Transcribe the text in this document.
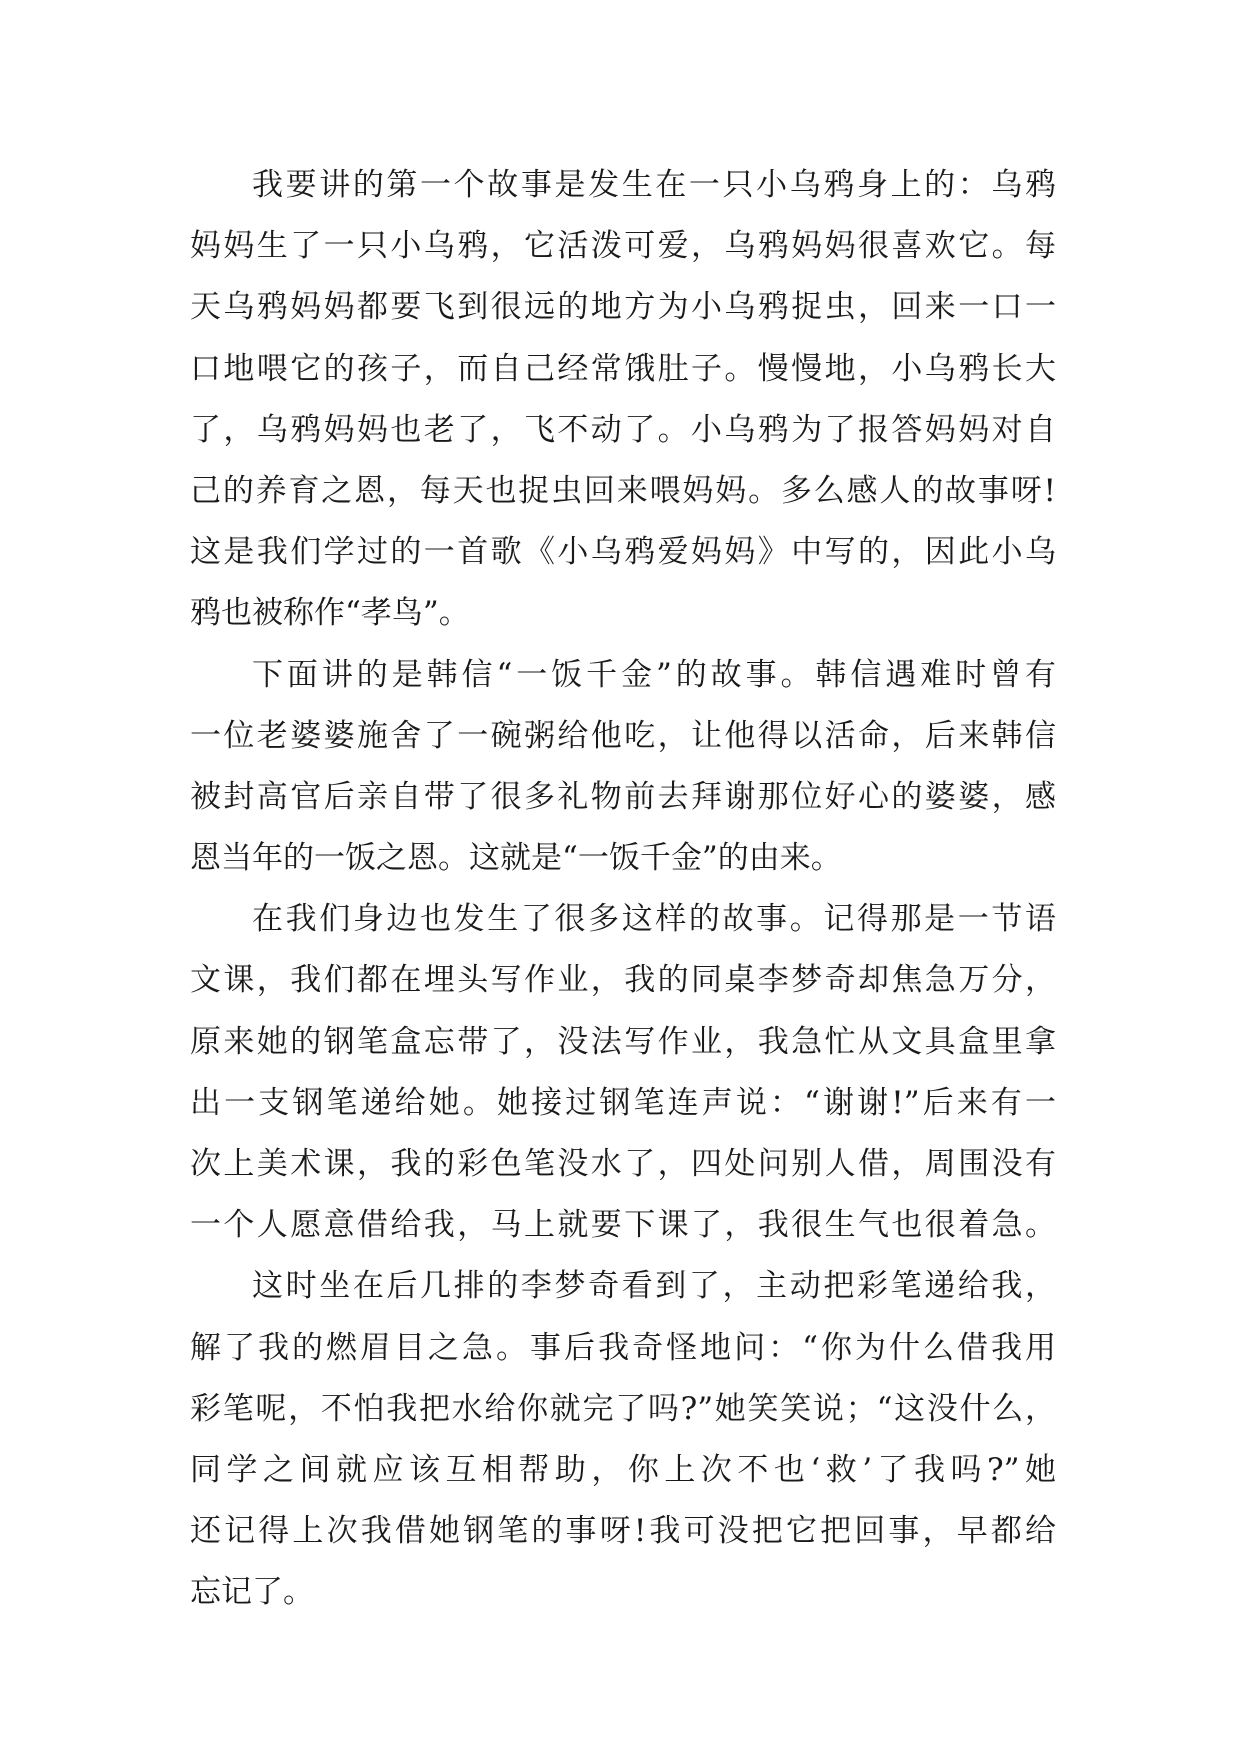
我要讲的第一个故事是发生在一只小乌鸦身上的：乌鸦
妈妈生了一只小乌鸦，它活泼可爱，乌鸦妈妈很喜欢它。每
天乌鸦妈妈都要飞到很远的地方为小乌鸦捉虫，回来一口一
口地喂它的孩子，而自己经常饿肚子。慢慢地，小乌鸦长大
了，乌鸦妈妈也老了，飞不动了。小乌鸦为了报答妈妈对自
己的养育之恩，每天也捉虫回来喂妈妈。多么感人的故事呀!
这是我们学过的一首歌《小乌鸦爱妈妈》中写的，因此小乌
鸦也被称作“孝鸟”。
下面讲的是韩信“一饭千金”的故事。韩信遇难时曾有
一位老婆婆施舍了一碗粥给他吃，让他得以活命，后来韩信
被封高官后亲自带了很多礼物前去拜谢那位好心的婆婆，感
恩当年的一饭之恩。这就是“一饭千金”的由来。
在我们身边也发生了很多这样的故事。记得那是一节语
文课，我们都在埋头写作业，我的同桌李梦奇却焦急万分，
原来她的钢笔盒忘带了，没法写作业，我急忙从文具盒里拿
出一支钢笔递给她。她接过钢笔连声说：“谢谢!”后来有一
次上美术课，我的彩色笔没水了，四处问别人借，周围没有
一个人愿意借给我，马上就要下课了，我很生气也很着急。
这时坐在后几排的李梦奇看到了，主动把彩笔递给我，
解了我的燃眉目之急。事后我奇怪地问：“你为什么借我用
彩笔呢，不怕我把水给你就完了吗?”她笑笑说；“这没什么，
同学之间就应该互相帮助，你上次不也‘救’了我吗?”她
还记得上次我借她钢笔的事呀!我可没把它把回事，早都给
忘记了。
